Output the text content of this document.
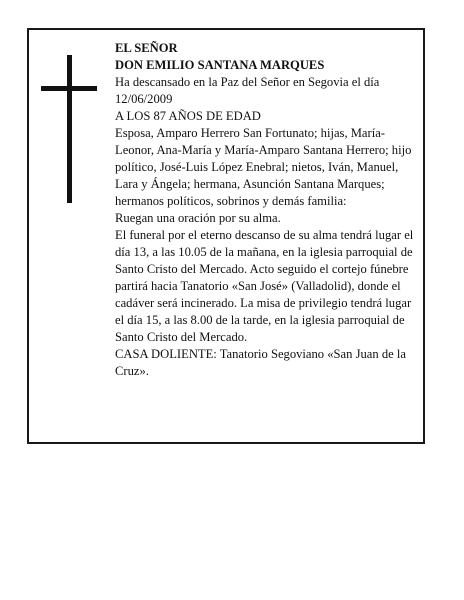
EL SEÑOR

DON EMILIO SANTANA MARQUES

Ha descansado en la Paz del Señor en Segovia el día 12/06/2009

A LOS 87 AÑOS DE EDAD

Esposa, Amparo Herrero San Fortunato; hijas, María-Leonor, Ana-María y María-Amparo Santana Herrero; hijo político, José-Luis López Enebral; nietos, Iván, Manuel, Lara y Ángela; hermana, Asunción Santana Marques; hermanos políticos, sobrinos y demás familia:

Ruegan una oración por su alma.

El funeral por el eterno descanso de su alma tendrá lugar el día 13, a las 10.05 de la mañana, en la iglesia parroquial de Santo Cristo del Mercado. Acto seguido el cortejo fúnebre partirá hacia Tanatorio «San José» (Valladolid), donde el cadáver será incinerado. La misa de privilegio tendrá lugar el día 15, a las 8.00 de la tarde, en la iglesia parroquial de Santo Cristo del Mercado.

CASA DOLIENTE: Tanatorio Segoviano «San Juan de la Cruz».
